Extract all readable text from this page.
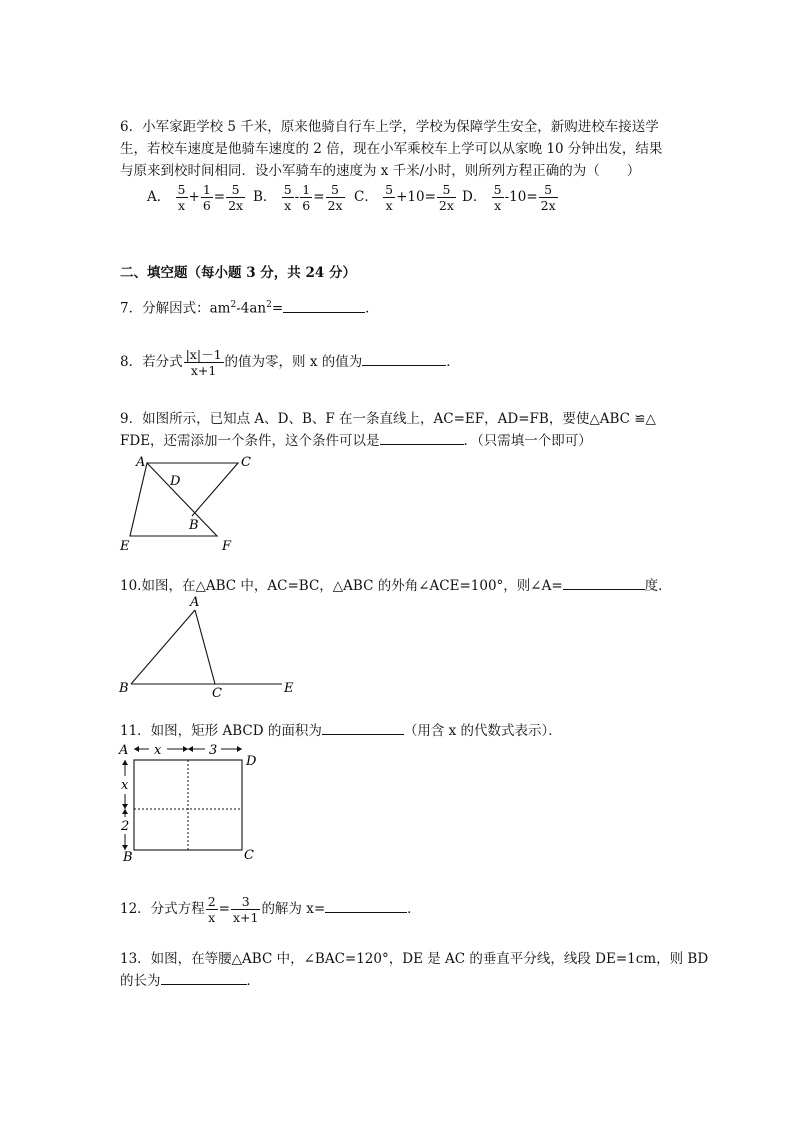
6．小军家距学校 5 千米，原来他骑自行车上学，学校为保障学生安全，新购进校车接送学
生，若校车速度是他骑车速度的 2 倍，现在小军乘校车上学可以从家晚 10 分钟出发，结果
与原来到校时间相同．设小军骑车的速度为 x 千米/小时，则所列方程正确的为（　　）
A． $\frac{5}{x} + \frac{1}{6} = \frac{5}{2x}$ B． $\frac{5}{x} - \frac{1}{6} = \frac{5}{2x}$ C． $\frac{5}{x} +10= \frac{5}{2x}$ D． $\frac{5}{x} -10= \frac{5}{2x}$
二、填空题（每小题 3 分，共 24 分）
7．分解因式：$am^2-4an^2=$	．
8．若分式 $\frac{|x|-1}{x+1}$ 的值为零，则 x 的值为	．
9．如图所示，已知点 A、D、B、F 在一条直线上，AC=EF，AD=FB，要使△ABC ≌△
FDE，还需添加一个条件，这个条件可以是	．（只需填一个即可）
A	C
D
B
E	F
10.如图，在△ABC 中，AC=BC，△ABC 的外角∠ACE=100°，则∠A=	度．
A
B	C	E
11．如图，矩形 ABCD 的面积为	（用含 x 的代数式表示）．
x	3
x
2
A
D
B	C
12．分式方程 $\frac{2}{x} = \frac{3}{x+1}$ 的解为 x=	．
13．如图，在等腰△ABC 中，∠BAC=120°，DE 是 AC 的垂直平分线，线段 DE=1cm，则 BD
的长为	．
